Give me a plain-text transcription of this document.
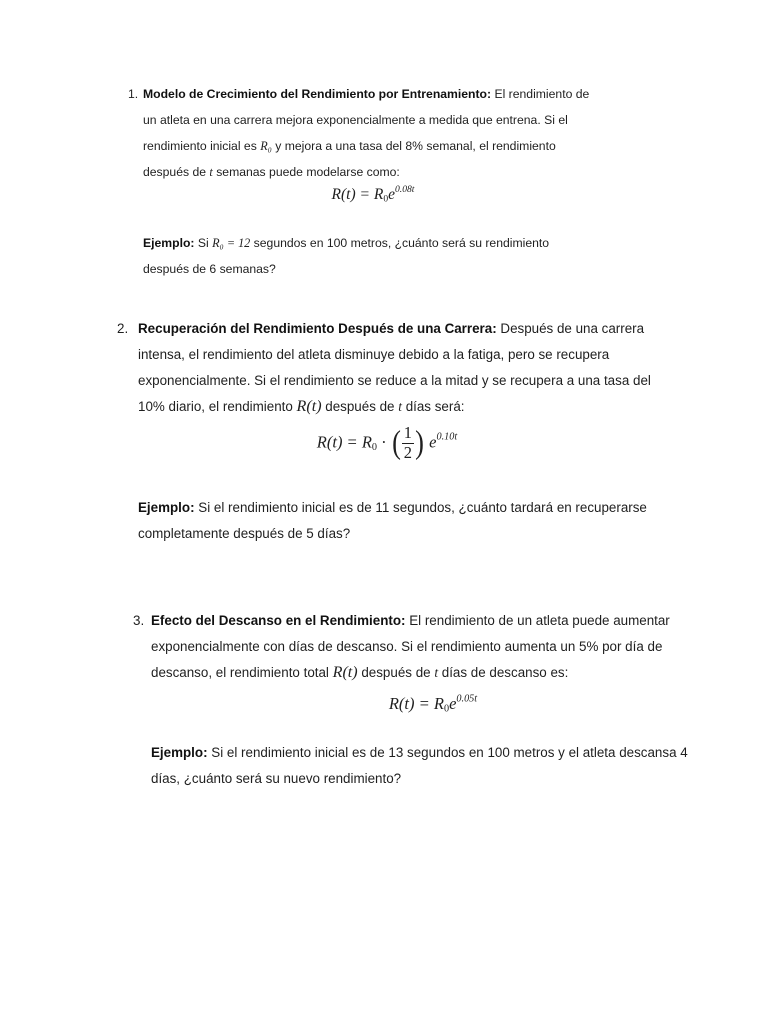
1. Modelo de Crecimiento del Rendimiento por Entrenamiento: El rendimiento de un atleta en una carrera mejora exponencialmente a medida que entrena. Si el rendimiento inicial es R₀ y mejora a una tasa del 8% semanal, el rendimiento después de t semanas puede modelarse como:

$R(t) = R_0e^{0.08t}$

Ejemplo: Si R₀ = 12 segundos en 100 metros, ¿cuánto será su rendimiento después de 6 semanas?

2. Recuperación del Rendimiento Después de una Carrera: Después de una carrera intensa, el rendimiento del atleta disminuye debido a la fatiga, pero se recupera exponencialmente. Si el rendimiento se reduce a la mitad y se recupera a una tasa del 10% diario, el rendimiento R(t) después de t días será:

$R(t) = R_0$ · ( $\frac{1}{2}$ ) $e^{0.10t}$

Ejemplo: Si el rendimiento inicial es de 11 segundos, ¿cuánto tardará en recuperarse completamente después de 5 días?

3. Efecto del Descanso en el Rendimiento: El rendimiento de un atleta puede aumentar exponencialmente con días de descanso. Si el rendimiento aumenta un 5% por día de descanso, el rendimiento total R(t) después de t días de descanso es:

$R(t) = R_0e^{0.05t}$

Ejemplo: Si el rendimiento inicial es de 13 segundos en 100 metros y el atleta descansa 4 días, ¿cuánto será su nuevo rendimiento?
